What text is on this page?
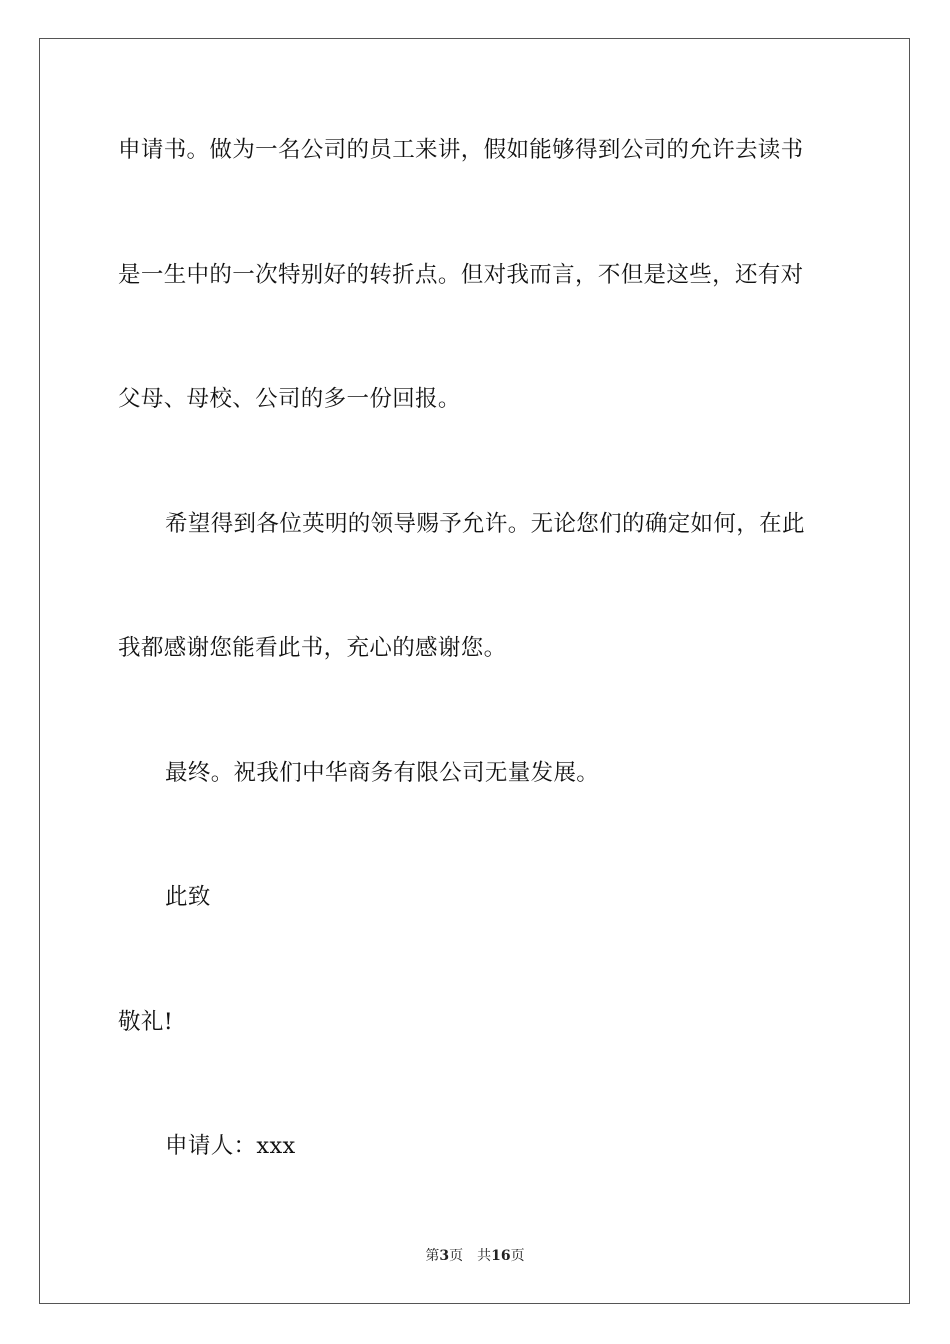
申请书。做为一名公司的员工来讲，假如能够得到公司的允许去读书
是一生中的一次特别好的转折点。但对我而言，不但是这些，还有对
父母、母校、公司的多一份回报。
希望得到各位英明的领导赐予允许。无论您们的确定如何，在此
我都感谢您能看此书，充心的感谢您。
最终。祝我们中华商务有限公司无量发展。
此致
敬礼!
申请人：xxx
第3页 共16页
